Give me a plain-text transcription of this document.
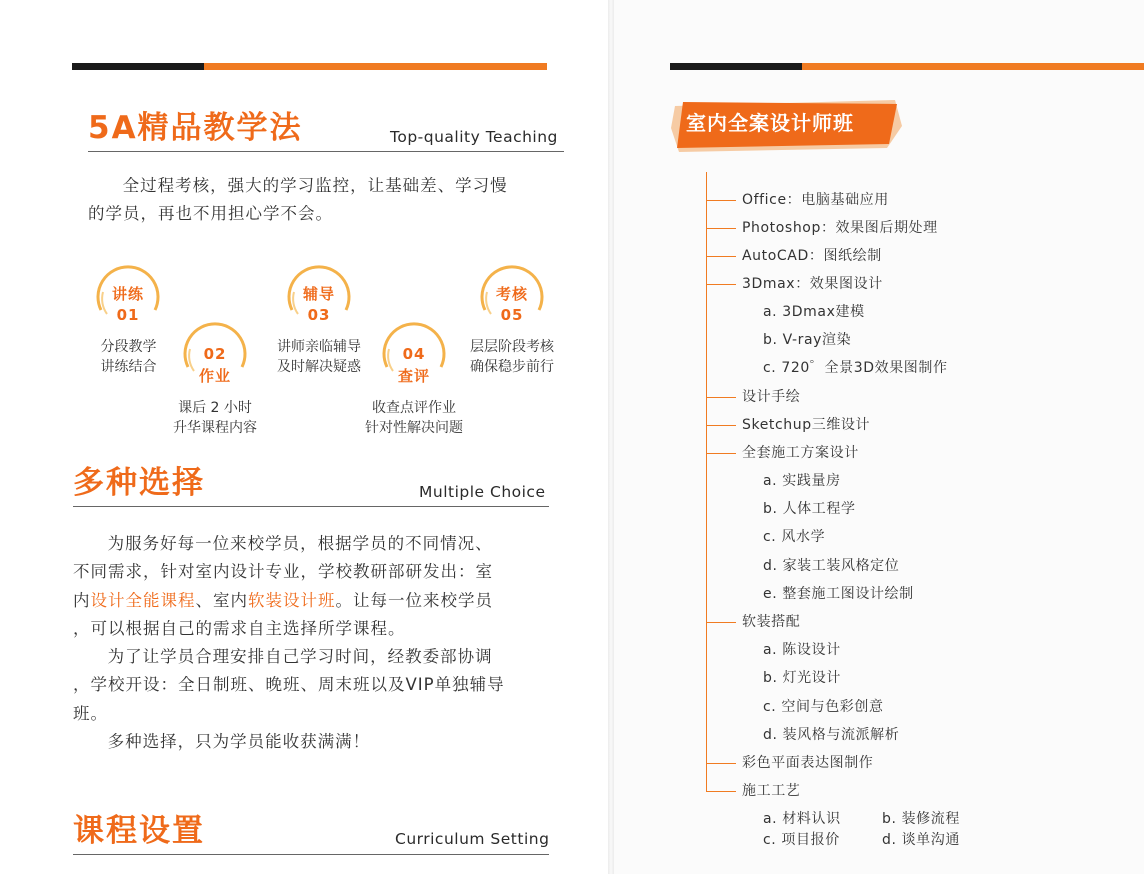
5A精品教学法	Top-quality Teaching

全过程考核，强大的学习监控，让基础差、学习慢

的学员，再也不用担心学不会。

讲练
01
分段教学
讲练结合
02
作业
课后 2 小时
升华课程内容
辅导
03
讲师亲临辅导
及时解决疑惑
04
查评
收查点评作业
针对性解决问题
考核
05
层层阶段考核
确保稳步前行
多种选择	Multiple Choice

为服务好每一位来校学员，根据学员的不同情况、

不同需求，针对室内设计专业，学校教研部研发出：室

内设计全能课程、室内软装设计班。让每一位来校学员

，可以根据自己的需求自主选择所学课程。

为了让学员合理安排自己学习时间，经教委部协调

，学校开设：全日制班、晚班、周末班以及VIP单独辅导

班。

多种选择，只为学员能收获满满！

课程设置	Curriculum Setting
室内全案设计师班
Office：电脑基础应用
Photoshop：效果图后期处理
AutoCAD：图纸绘制
3Dmax：效果图设计
a. 3Dmax建模
b. V-ray渲染
c. 720゜全景3D效果图制作
设计手绘
Sketchup三维设计
全套施工方案设计
a. 实践量房
b. 人体工程学
c. 风水学
d. 家装工装风格定位
e. 整套施工图设计绘制
软装搭配
a. 陈设设计
b. 灯光设计
c. 空间与色彩创意
d. 装风格与流派解析
彩色平面表达图制作
施工工艺
a. 材料认识	b. 装修流程
c. 项目报价	d. 谈单沟通
